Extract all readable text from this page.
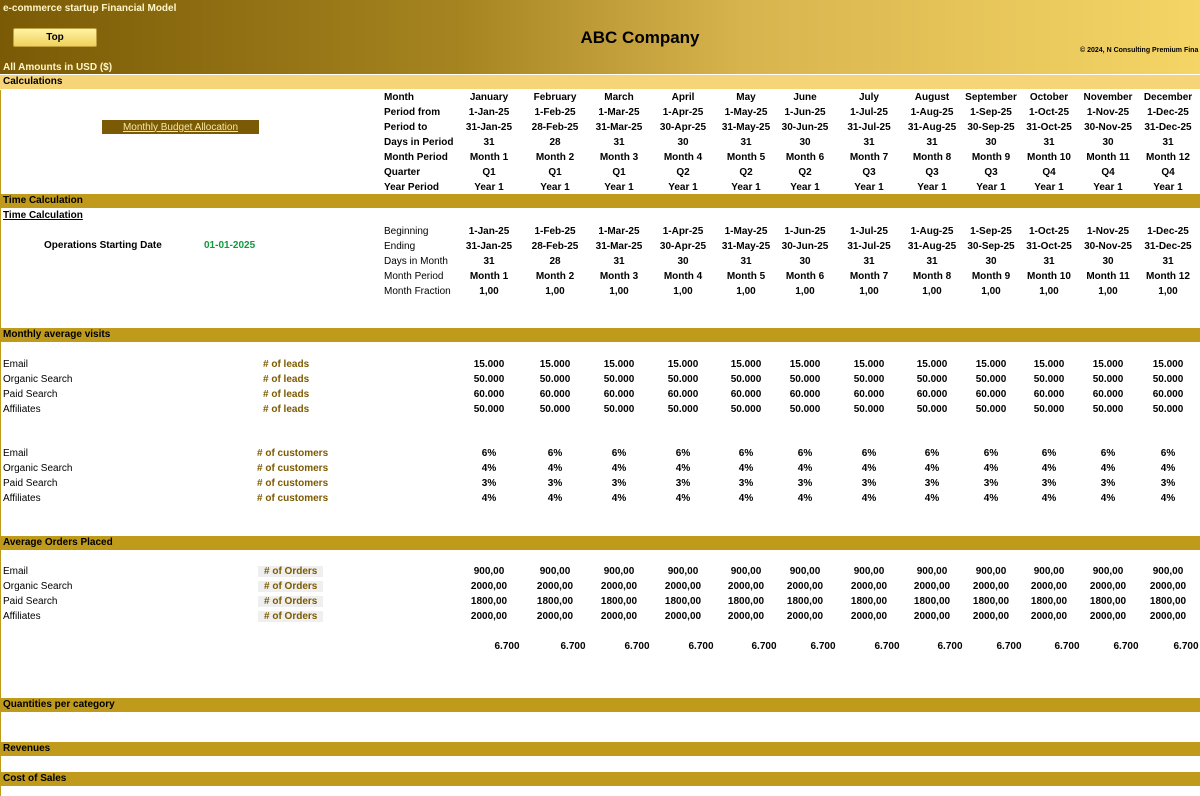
e-commerce startup Financial Model
Top	ABC Company
© 2024, N Consulting Premium Fina
All Amounts in USD ($)
Calculations
Time Calculation
Monthly average visits
Average Orders Placed
Quantities per category
Revenues
Cost of Sales
Monthly Budget Allocation
Time Calculation
Operations Starting Date	01-01-2025
Month	January	February	March	April	May	June	July	August	September	October	November	December
Period from	1-Jan-25	1-Feb-25	1-Mar-25	1-Apr-25	1-May-25	1-Jun-25	1-Jul-25	1-Aug-25	1-Sep-25	1-Oct-25	1-Nov-25	1-Dec-25
Period to	31-Jan-25	28-Feb-25	31-Mar-25	30-Apr-25	31-May-25	30-Jun-25	31-Jul-25	31-Aug-25	30-Sep-25	31-Oct-25	30-Nov-25	31-Dec-25
Days in Period	31	28	31	30	31	30	31	31	30	31	30	31
Month Period	Month 1	Month 2	Month 3	Month 4	Month 5	Month 6	Month 7	Month 8	Month 9	Month 10	Month 11	Month 12
Quarter	Q1	Q1	Q1	Q2	Q2	Q2	Q3	Q3	Q3	Q4	Q4	Q4
Year Period	Year 1	Year 1	Year 1	Year 1	Year 1	Year 1	Year 1	Year 1	Year 1	Year 1	Year 1	Year 1
Beginning	1-Jan-25	1-Feb-25	1-Mar-25	1-Apr-25	1-May-25	1-Jun-25	1-Jul-25	1-Aug-25	1-Sep-25	1-Oct-25	1-Nov-25	1-Dec-25
Ending	31-Jan-25	28-Feb-25	31-Mar-25	30-Apr-25	31-May-25	30-Jun-25	31-Jul-25	31-Aug-25	30-Sep-25	31-Oct-25	30-Nov-25	31-Dec-25
Days in Month	31	28	31	30	31	30	31	31	30	31	30	31
Month Period	Month 1	Month 2	Month 3	Month 4	Month 5	Month 6	Month 7	Month 8	Month 9	Month 10	Month 11	Month 12
Month Fraction	1,00	1,00	1,00	1,00	1,00	1,00	1,00	1,00	1,00	1,00	1,00	1,00
Email	# of leads	15.000	15.000	15.000	15.000	15.000	15.000	15.000	15.000	15.000	15.000	15.000	15.000
Organic Search	# of leads	50.000	50.000	50.000	50.000	50.000	50.000	50.000	50.000	50.000	50.000	50.000	50.000
Paid Search	# of leads	60.000	60.000	60.000	60.000	60.000	60.000	60.000	60.000	60.000	60.000	60.000	60.000
Affiliates	# of leads	50.000	50.000	50.000	50.000	50.000	50.000	50.000	50.000	50.000	50.000	50.000	50.000
Email	# of customers	6%	6%	6%	6%	6%	6%	6%	6%	6%	6%	6%	6%
Organic Search	# of customers	4%	4%	4%	4%	4%	4%	4%	4%	4%	4%	4%	4%
Paid Search	# of customers	3%	3%	3%	3%	3%	3%	3%	3%	3%	3%	3%	3%
Affiliates	# of customers	4%	4%	4%	4%	4%	4%	4%	4%	4%	4%	4%	4%
Email	# of Orders	900,00	900,00	900,00	900,00	900,00	900,00	900,00	900,00	900,00	900,00	900,00	900,00
Organic Search	# of Orders	2000,00	2000,00	2000,00	2000,00	2000,00	2000,00	2000,00	2000,00	2000,00	2000,00	2000,00	2000,00
Paid Search	# of Orders	1800,00	1800,00	1800,00	1800,00	1800,00	1800,00	1800,00	1800,00	1800,00	1800,00	1800,00	1800,00
Affiliates	# of Orders	2000,00	2000,00	2000,00	2000,00	2000,00	2000,00	2000,00	2000,00	2000,00	2000,00	2000,00	2000,00
6.700	6.700	6.700	6.700	6.700	6.700	6.700	6.700	6.700	6.700	6.700	6.700
